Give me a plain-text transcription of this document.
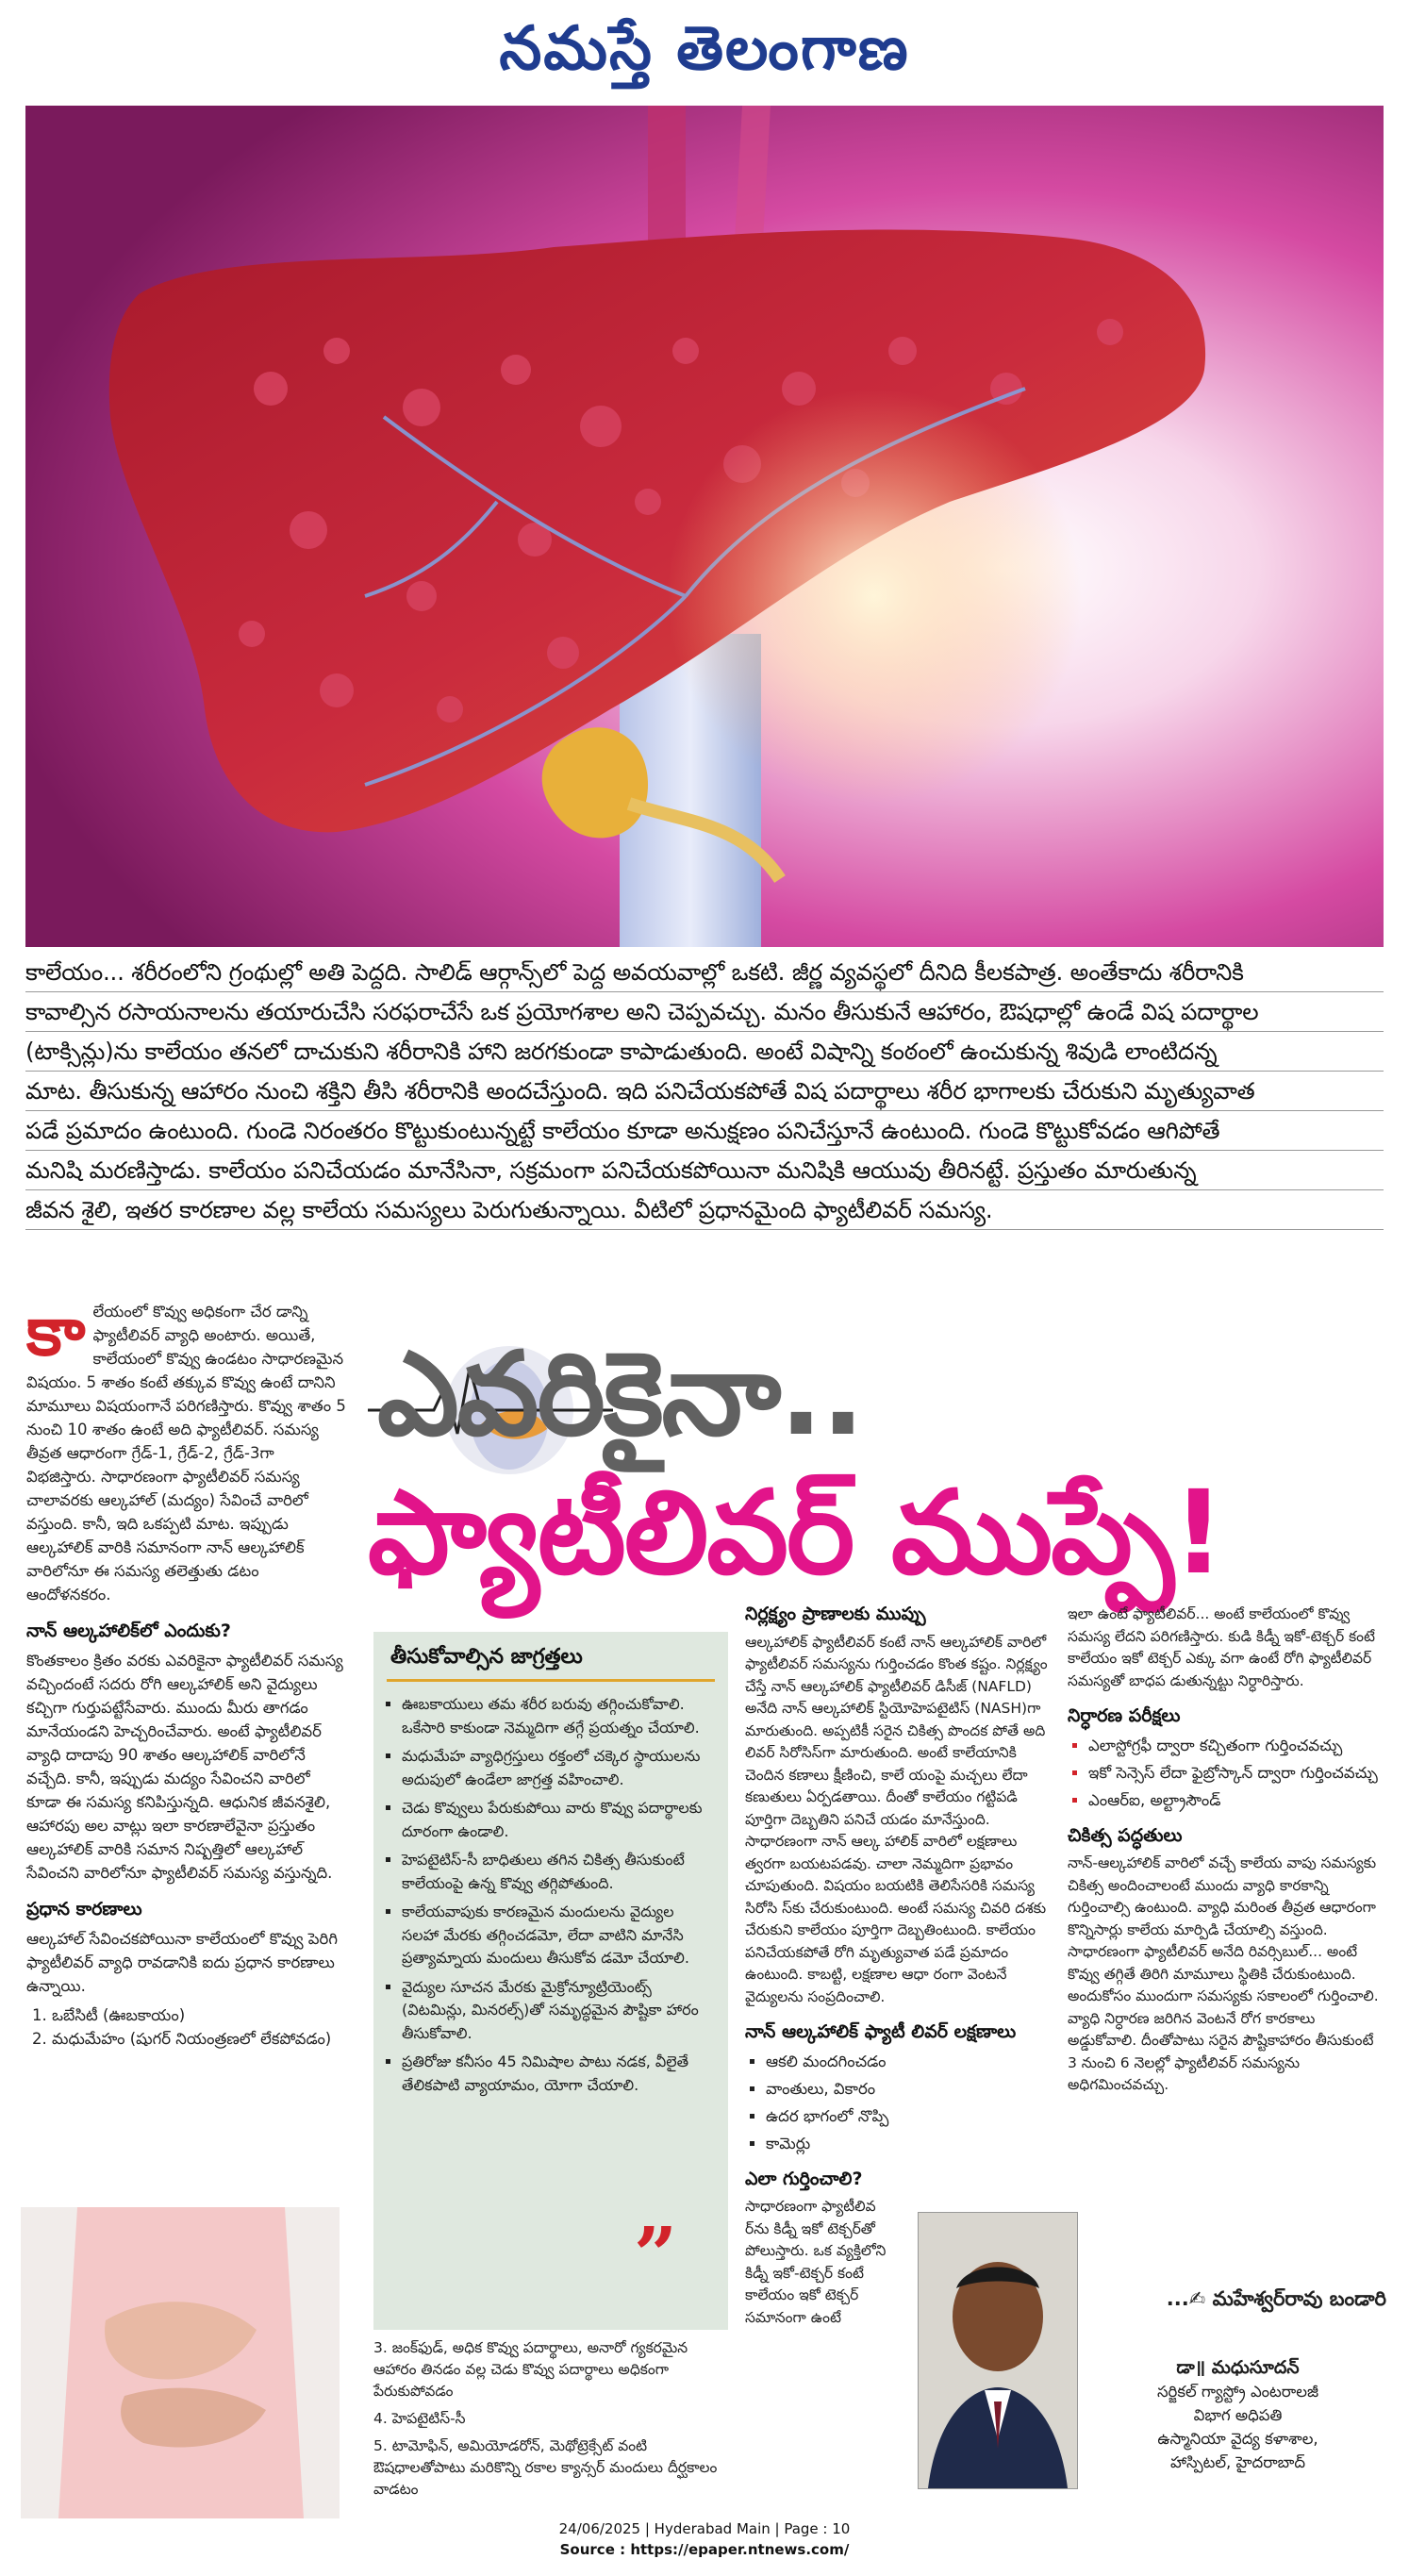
నమస్తే తెలంగాణ

కాలేయం... శరీరంలోని గ్రంథుల్లో అతి పెద్దది. సాలిడ్ ఆర్గాన్స్‌లో పెద్ద అవయవాల్లో ఒకటి. జీర్ణ వ్యవస్థలో దీనిది కీలకపాత్ర. అంతేకాదు శరీరానికి

కావాల్సిన రసాయనాలను తయారుచేసి సరఫరాచేసే ఒక ప్రయోగశాల అని చెప్పవచ్చు. మనం తీసుకునే ఆహారం, ఔషధాల్లో ఉండే విష పదార్థాల

(టాక్సిన్లు)ను కాలేయం తనలో దాచుకుని శరీరానికి హాని జరగకుండా కాపాడుతుంది. అంటే విషాన్ని కంఠంలో ఉంచుకున్న శివుడి లాంటిదన్న

మాట. తీసుకున్న ఆహారం నుంచి శక్తిని తీసి శరీరానికి అందచేస్తుంది. ఇది పనిచేయకపోతే విష పదార్థాలు శరీర భాగాలకు చేరుకుని మృత్యువాత

పడే ప్రమాదం ఉంటుంది. గుండె నిరంతరం కొట్టుకుంటున్నట్టే కాలేయం కూడా అనుక్షణం పనిచేస్తూనే ఉంటుంది. గుండె కొట్టుకోవడం ఆగిపోతే

మనిషి మరణిస్తాడు. కాలేయం పనిచేయడం మానేసినా, సక్రమంగా పనిచేయకపోయినా మనిషికి ఆయువు తీరినట్టే. ప్రస్తుతం మారుతున్న

జీవన శైలి, ఇతర కారణాల వల్ల కాలేయ సమస్యలు పెరుగుతున్నాయి. వీటిలో ప్రధానమైంది ఫ్యాటీలివర్ సమస్య.

ఎవరికైనా..
ఫ్యాటీలివర్ ముప్పే!

కాలేయంలో కొవ్వు అధికంగా చేర డాన్ని ఫ్యాటీలివర్ వ్యాధి అంటారు. అయితే, కాలేయంలో కొవ్వు ఉండటం సాధారణమైన విషయం. 5 శాతం కంటే తక్కువ కొవ్వు ఉంటే దానిని మామూలు విషయంగానే పరిగణిస్తారు. కొవ్వు శాతం 5 నుంచి 10 శాతం ఉంటే అది ఫ్యాటీలివర్. సమస్య తీవ్రత ఆధారంగా గ్రేడ్-1, గ్రేడ్-2, గ్రేడ్-3గా విభజిస్తారు. సాధారణంగా ఫ్యాటీలివర్ సమస్య చాలావరకు ఆల్కహాల్ (మద్యం) సేవించే వారిలో వస్తుంది. కానీ, ఇది ఒకప్పటి మాట. ఇప్పుడు ఆల్కహాలిక్ వారికి సమానంగా నాన్ ఆల్కహాలిక్ వారిలోనూ ఈ సమస్య తలెత్తుతు డటం ఆందోళనకరం.

నాన్ ఆల్కహాలిక్‌లో ఎందుకు?

కొంతకాలం క్రితం వరకు ఎవరికైనా ఫ్యాటీలివర్ సమస్య వచ్చిందంటే సదరు రోగి ఆల్కహాలిక్ అని వైద్యులు కచ్చిగా గుర్తుపట్టేసేవారు. ముందు మీరు తాగడం మానేయండని హెచ్చరించేవారు. అంటే ఫ్యాటీలివర్ వ్యాధి దాదాపు 90 శాతం ఆల్కహాలిక్ వారిలోనే వచ్చేది. కానీ, ఇప్పుడు మద్యం సేవించని వారిలో కూడా ఈ సమస్య కనిపిస్తున్నది. ఆధునిక జీవనశైలి, ఆహారపు అల వాట్లు ఇలా కారణాలేవైనా ప్రస్తుతం ఆల్కహాలిక్ వారికి సమాన నిష్పత్తిలో ఆల్కహాల్ సేవించని వారిలోనూ ఫ్యాటీలివర్ సమస్య వస్తున్నది.

ప్రధాన కారణాలు

ఆల్కహాల్ సేవించకపోయినా కాలేయంలో కొవ్వు పెరిగి ఫ్యాటీలివర్ వ్యాధి రావడానికి ఐదు ప్రధాన కారణాలు ఉన్నాయి.

1. ఒబేసిటీ (ఊబకాయం)

2. మధుమేహం (షుగర్ నియంత్రణలో లేకపోవడం)

తీసుకోవాల్సిన జాగ్రత్తలు
▪ ఊబకాయులు తమ శరీర బరువు తగ్గించుకోవాలి. ఒకేసారి కాకుండా నెమ్మదిగా తగ్గే ప్రయత్నం చేయాలి.
▪ మధుమేహ వ్యాధిగ్రస్తులు రక్తంలో చక్కెర స్థాయులను అదుపులో ఉండేలా జాగ్రత్త వహించాలి.
▪ చెడు కొవ్వులు పేరుకుపోయి వారు కొవ్వు పదార్థాలకు దూరంగా ఉండాలి.
▪ హెపటైటిస్-సీ బాధితులు తగిన చికిత్స తీసుకుంటే కాలేయంపై ఉన్న కొవ్వు తగ్గిపోతుంది.
▪ కాలేయవాపుకు కారణమైన మందులను వైద్యుల సలహా మేరకు తగ్గించడమో, లేదా వాటిని మానేసి ప్రత్యామ్నాయ మందులు తీసుకోవ డమో చేయాలి.
▪ వైద్యుల సూచన మేరకు మైక్రోన్యూట్రియెంట్స్ (విటమిన్లు, మినరల్స్)తో సమృద్ధమైన పౌష్టికా హారం తీసుకోవాలి.
▪ ప్రతిరోజు కనీసం 45 నిమిషాల పాటు నడక, వీలైతే తేలికపాటి వ్యాయామం, యోగా చేయాలి.
”

3. జంక్‌ఫుడ్, అధిక కొవ్వు పదార్థాలు, అనారో గ్యకరమైన ఆహారం తినడం వల్ల చెడు కొవ్వు పదార్థాలు అధికంగా పేరుకుపోవడం

4. హెపటైటిస్-సీ

5. టామోఫిన్, అమియోడరోన్, మెథోట్రెక్సేట్ వంటి ఔషధాలతోపాటు మరికొన్ని రకాల క్యాన్సర్ మందులు దీర్ఘకాలం వాడటం

నిర్లక్ష్యం ప్రాణాలకు ముప్పు

ఆల్కహాలిక్ ఫ్యాటీలివర్ కంటే నాన్ ఆల్కహాలిక్ వారిలో ఫ్యాటీలివర్ సమస్యను గుర్తించడం కొంత కష్టం. నిర్లక్ష్యం చేస్తే నాన్ ఆల్కహాలిక్ ఫ్యాటీలివర్ డిసీజ్ (NAFLD) అనేది నాన్ ఆల్కహాలిక్ స్టియోహెపటైటిస్ (NASH)గా మారుతుంది. అప్పటికీ సరైన చికిత్స పొందక పోతే అది లివర్ సిరోసిస్‌గా మారుతుంది. అంటే కాలేయానికి చెందిన కణాలు క్షీణించి, కాలే యంపై మచ్చలు లేదా కణుతులు ఏర్పడతాయి. దీంతో కాలేయం గట్టిపడి పూర్తిగా దెబ్బతిని పనిచే యడం మానేస్తుంది. సాధారణంగా నాన్ ఆల్క హాలిక్ వారిలో లక్షణాలు త్వరగా బయటపడవు. చాలా నెమ్మదిగా ప్రభావం చూపుతుంది. విషయం బయటికి తెలిసేసరికి సమస్య సిరోసి స్‌కు చేరుకుంటుంది. అంటే సమస్య చివరి దశకు చేరుకుని కాలేయం పూర్తిగా దెబ్బతింటుంది. కాలేయం పనిచేయకపోతే రోగి మృత్యువాత పడే ప్రమాదం ఉంటుంది. కాబట్టి, లక్షణాల ఆధా రంగా వెంటనే వైద్యులను సంప్రదించాలి.

నాన్ ఆల్కహాలిక్ ఫ్యాటీ లివర్ లక్షణాలు
▪ ఆకలి మందగించడం
▪ వాంతులు, వికారం
▪ ఉదర భాగంలో నొప్పి
▪ కామెర్లు
ఎలా గుర్తించాలి?

సాధారణంగా ఫ్యాటీలివ ర్‌ను కిడ్నీ ఇకో టెక్చర్‌తో పోలుస్తారు. ఒక వ్యక్తిలోని కిడ్నీ ఇకో-టెక్చర్ కంటే కాలేయం ఇకో టెక్చర్ సమానంగా ఉంటే

ఇలా ఉంటే ఫ్యాటీలివర్... అంటే కాలేయంలో కొవ్వు సమస్య లేదని పరిగణిస్తారు. కుడి కిడ్నీ ఇకో-టెక్చర్ కంటే కాలేయం ఇకో టెక్చర్ ఎక్కు వగా ఉంటే రోగి ఫ్యాటీలివర్ సమస్యతో బాధప డుతున్నట్టు నిర్ధారిస్తారు.

నిర్ధారణ పరీక్షలు
▪ ఎలాస్టోగ్రఫీ ద్వారా కచ్చితంగా గుర్తించవచ్చు
▪ ఇకో సెన్సెస్ లేదా ఫైబ్రోస్కాన్ ద్వారా గుర్తించవచ్చు
▪ ఎంఆర్ఐ, అల్ట్రాసౌండ్
చికిత్స పద్ధతులు

నాన్-ఆల్కహాలిక్ వారిలో వచ్చే కాలేయ వాపు సమస్యకు చికిత్స అందించాలంటే ముందు వ్యాధి కారకాన్ని గుర్తించాల్సి ఉంటుంది. వ్యాధి మరింత తీవ్రత ఆధారంగా కొన్నిసార్లు కాలేయ మార్పిడి చేయాల్సి వస్తుంది. సాధారణంగా ఫ్యాటీలివర్ అనేది రివర్సిబుల్... అంటే కొవ్వు తగ్గితే తిరిగి మామూలు స్థితికి చేరుకుంటుంది. అందుకోసం ముందుగా సమస్యకు సకాలంలో గుర్తించాలి. వ్యాధి నిర్ధారణ జరిగిన వెంటనే రోగ కారకాలు అడ్డుకోవాలి. దీంతోపాటు సరైన పౌష్టికాహారం తీసుకుంటే 3 నుంచి 6 నెలల్లో ఫ్యాటీలివర్ సమస్యను అధిగమించవచ్చు.

...✍ మహేశ్వర్‌రావు బండారి
డా॥ మధుసూదన్
సర్జికల్ గ్యాస్ట్రో ఎంటరాలజీ
విభాగ అధిపతి
ఉస్మానియా వైద్య కళాశాల,
హాస్పిటల్, హైదరాబాద్
24/06/2025 | Hyderabad Main | Page : 10
Source : https://epaper.ntnews.com/
